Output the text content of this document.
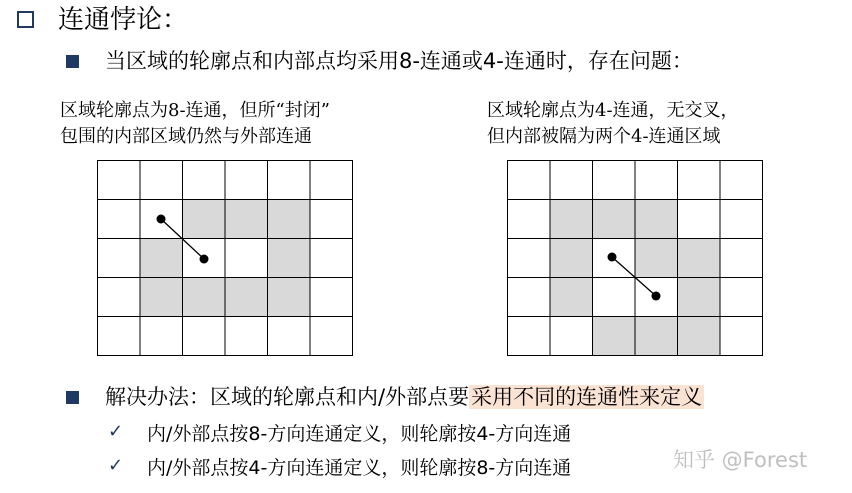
连通悖论：
当区域的轮廓点和内部点均采用8-连通或4-连通时，存在问题：
区域轮廓点为8-连通，但所“封闭”
包围的内部区域仍然与外部连通
区域轮廓点为4-连通，无交叉，
但内部被隔为两个4-连通区域
解决办法：区域的轮廓点和内/外部点要采用不同的连通性来定义
✓ 内/外部点按8-方向连通定义，则轮廓按4-方向连通
✓ 内/外部点按4-方向连通定义，则轮廓按8-方向连通	知乎 @Forest
